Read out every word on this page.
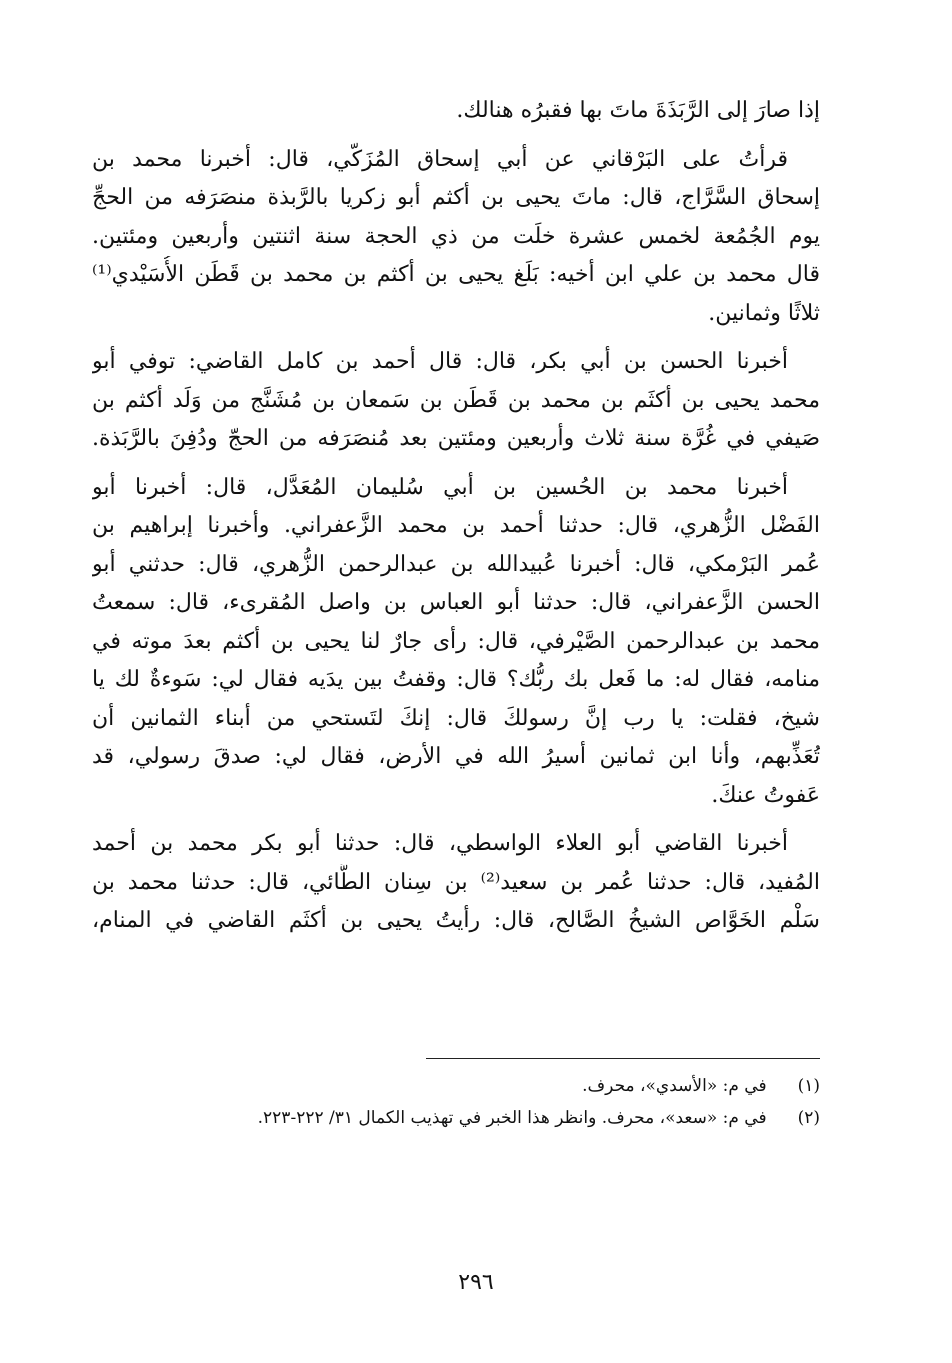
إذا صارَ إلى الرَّبَذَةَ ماتَ بها فقبرُه هنالك.
قرأتُ على البَرْقاني عن أبي إسحاق المُزَكّي، قال: أخبرنا محمد بن
إسحاق السَّرَّاج، قال: ماتَ يحيى بن أكثم أبو زكريا بالرَّبذة منصَرَفه من الحجِّ
يوم الجُمُعة لخمس عشرة خلَت من ذي الحجة سنة اثنتين وأربعين ومئتين.
قال محمد بن علي ابن أخيه: بَلَغ يحيى بن أكثم بن محمد بن قَطَن الأُسَيْدي⁽¹⁾
ثلاثًا وثمانين.
أخبرنا الحسن بن أبي بكر، قال: قال أحمد بن كامل القاضي: توفي أبو
محمد يحيى بن أكثَم بن محمد بن قَطَن بن سَمعان بن مُشَنَّج من وَلَد أكثم بن
صَيفي في غُرَّة سنة ثلاث وأربعين ومئتين بعد مُنصَرَفه من الحجّ ودُفِنَ بالرَّبَذة.
أخبرنا محمد بن الحُسين بن أبي سُليمان المُعَدَّل، قال: أخبرنا أبو
الفَضْل الزُّهري، قال: حدثنا أحمد بن محمد الزَّعفراني. وأخبرنا إبراهيم بن
عُمر البَرْمكي، قال: أخبرنا عُبيدالله بن عبدالرحمن الزُّهري، قال: حدثني أبو
الحسن الزَّعفراني، قال: حدثنا أبو العباس بن واصل المُقرىء، قال: سمعتُ
محمد بن عبدالرحمن الصَّيْرفي، قال: رأى جارٌ لنا يحيى بن أكثم بعدَ موته في
منامه، فقال له: ما فَعل بك ربُّك؟ قال: وقفتُ بين يدَيه فقال لي: سَوءةٌ لك يا
شيخ، فقلت: يا رب إنَّ رسولكَ قال: إنكَ لتَستحي من أبناء الثمانين أن
تُعَذِّبهم، وأنا ابن ثمانين أسيرُ الله في الأرض، فقال لي: صدقَ رسولي، قد
عَفوتُ عنكَ.
أخبرنا القاضي أبو العلاء الواسطي، قال: حدثنا أبو بكر محمد بن أحمد
المُفيد، قال: حدثنا عُمر بن سعيد⁽²⁾ بن سِنان الطَّائي، قال: حدثنا محمد بن
سَلْم الخَوَّاص الشيخُ الصَّالح، قال: رأيتُ يحيى بن أكثَم القاضي في المنام،
(١) في م: «الأسدي»، محرف.
(٢) في م: «سعد»، محرف. وانظر هذا الخبر في تهذيب الكمال ٣١/ ٢٢٢-٢٢٣.
٢٩٦
